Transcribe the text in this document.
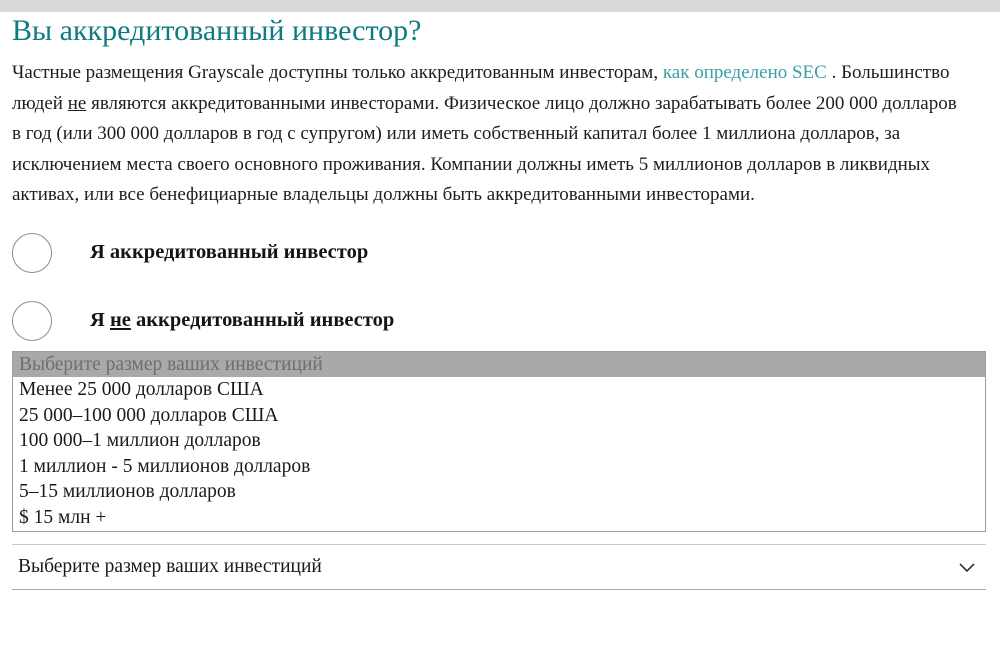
Вы аккредитованный инвестор?

Частные размещения Grayscale доступны только аккредитованным инвесторам, как определено SEC . Большинство людей не являются аккредитованными инвесторами. Физическое лицо должно зарабатывать более 200 000 долларов в год (или 300 000 долларов в год с супругом) или иметь собственный капитал более 1 миллиона долларов, за исключением места своего основного проживания. Компании должны иметь 5 миллионов долларов в ликвидных активах, или все бенефициарные владельцы должны быть аккредитованными инвесторами.

Я аккредитованный инвестор
Я не аккредитованный инвестор
Выберите размер ваших инвестиций
Менее 25 000 долларов США
25 000–100 000 долларов США
100 000–1 миллион долларов
1 миллион - 5 миллионов долларов
5–15 миллионов долларов
$ 15 млн +
Выберите размер ваших инвестиций
